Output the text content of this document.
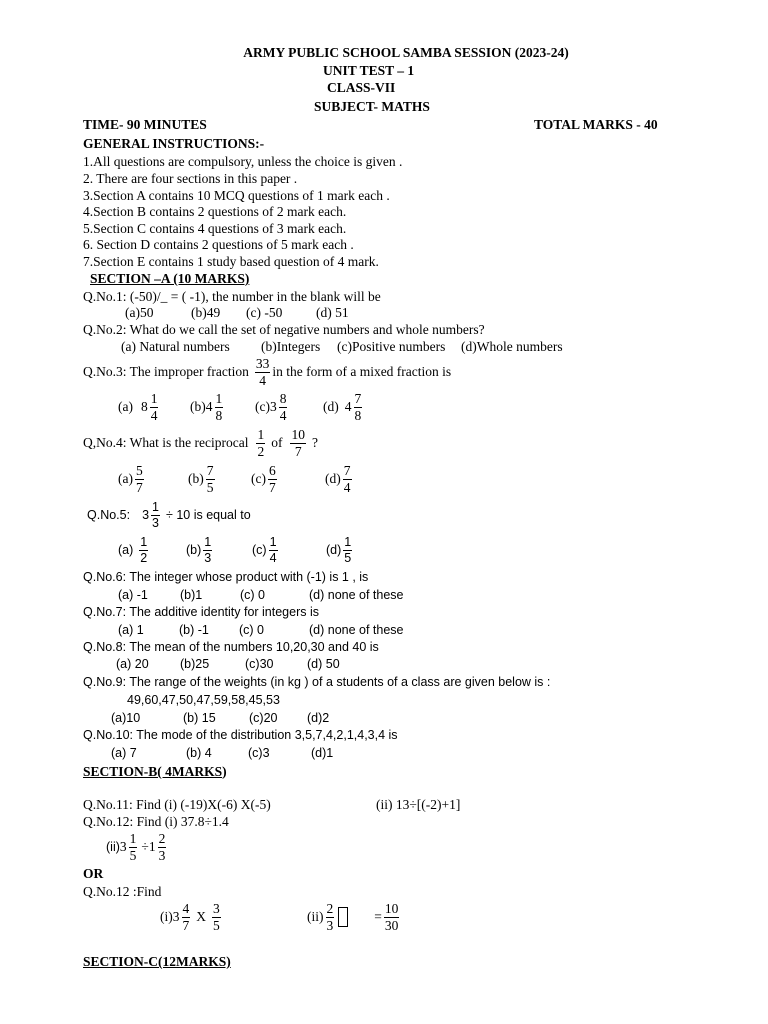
ARMY PUBLIC SCHOOL SAMBA SESSION (2023-24)
UNIT TEST – 1
CLASS-VII
SUBJECT- MATHS
TIME- 90 MINUTES	TOTAL MARKS - 40
GENERAL INSTRUCTIONS:-
1.All questions are compulsory, unless the choice is given .
2. There are four sections in this paper .
3.Section A contains 10 MCQ questions of 1 mark each .
4.Section B contains 2 questions of 2 mark each.
5.Section C contains 4 questions of 3 mark each.
6. Section D contains 2 questions of 5 mark each .
7.Section E contains 1 study based question of 4 mark.
SECTION –A (10 MARKS)
Q.No.1: (-50)/_ = ( -1), the number in the blank will be
(a)50	(b)49 (c) -50 (d) 51
Q.No.2: What do we call the set of negative numbers and whole numbers?
(a) Natural numbers (b)Integers (c)Positive numbers (d)Whole numbers
Q.No.3: The improper fraction $\frac{33}{4}$ in the form of a mixed fraction is
(a) $8 \frac{1}{4} (b)$ $4 \frac{1}{8} (c)$ $3 \frac{8}{4}$	(d) $4 \frac{7}{8}$
Q,No.4: What is the reciprocal $\frac{1}{2}$ of $\frac{10}{7}$ ?
$(a) \frac{5}{7}$	$(b) \frac{7}{5}$	$(c) \frac{6}{7}$	$(d) \frac{7}{4}$
Q.No.5: $3 \frac{1}{3} \div 10$ is equal to
$(a) \frac{1}{2}$	$(b) \frac{1}{3}$	$(c) \frac{1}{4}$	$(d) \frac{1}{5}$
Q.No.6: The integer whose product with (-1) is 1 , is
(a) -1	(b)1	(c) 0	(d) none of these
Q.No.7: The additive identity for integers is
(a) 1	(b) -1 (c) 0	(d) none of these
Q.No.8: The mean of the numbers 10,20,30 and 40 is
(a) 20	(b)25	(c)30	(d) 50
Q.No.9: The range of the weights (in kg ) of a students of a class are given below is :
49,60,47,50,47,59,58,45,53
(a)10	(b) 15	(c)20 (d)2
Q.No.10: The mode of the distribution 3,5,7,4,2,1,4,3,4 is
(a) 7	(b) 4	(c)3	(d)1
SECTION-B( 4MARKS)
Q.No.11: Find (i) (-19)X(-6) X(-5)	(ii) 13÷[(-2)+1]
Q.No.12: Find (i) 37.8÷1.4
(ii) $3 \frac{1}{5} \div 1 \frac{2}{3}$
OR
Q.No.12 :Find
(i) $3 \frac{4}{7}$ X $\frac{3}{5}$	$(ii) \frac{2}{3}$	= $\frac{10}{30}$
SECTION-C(12MARKS)
